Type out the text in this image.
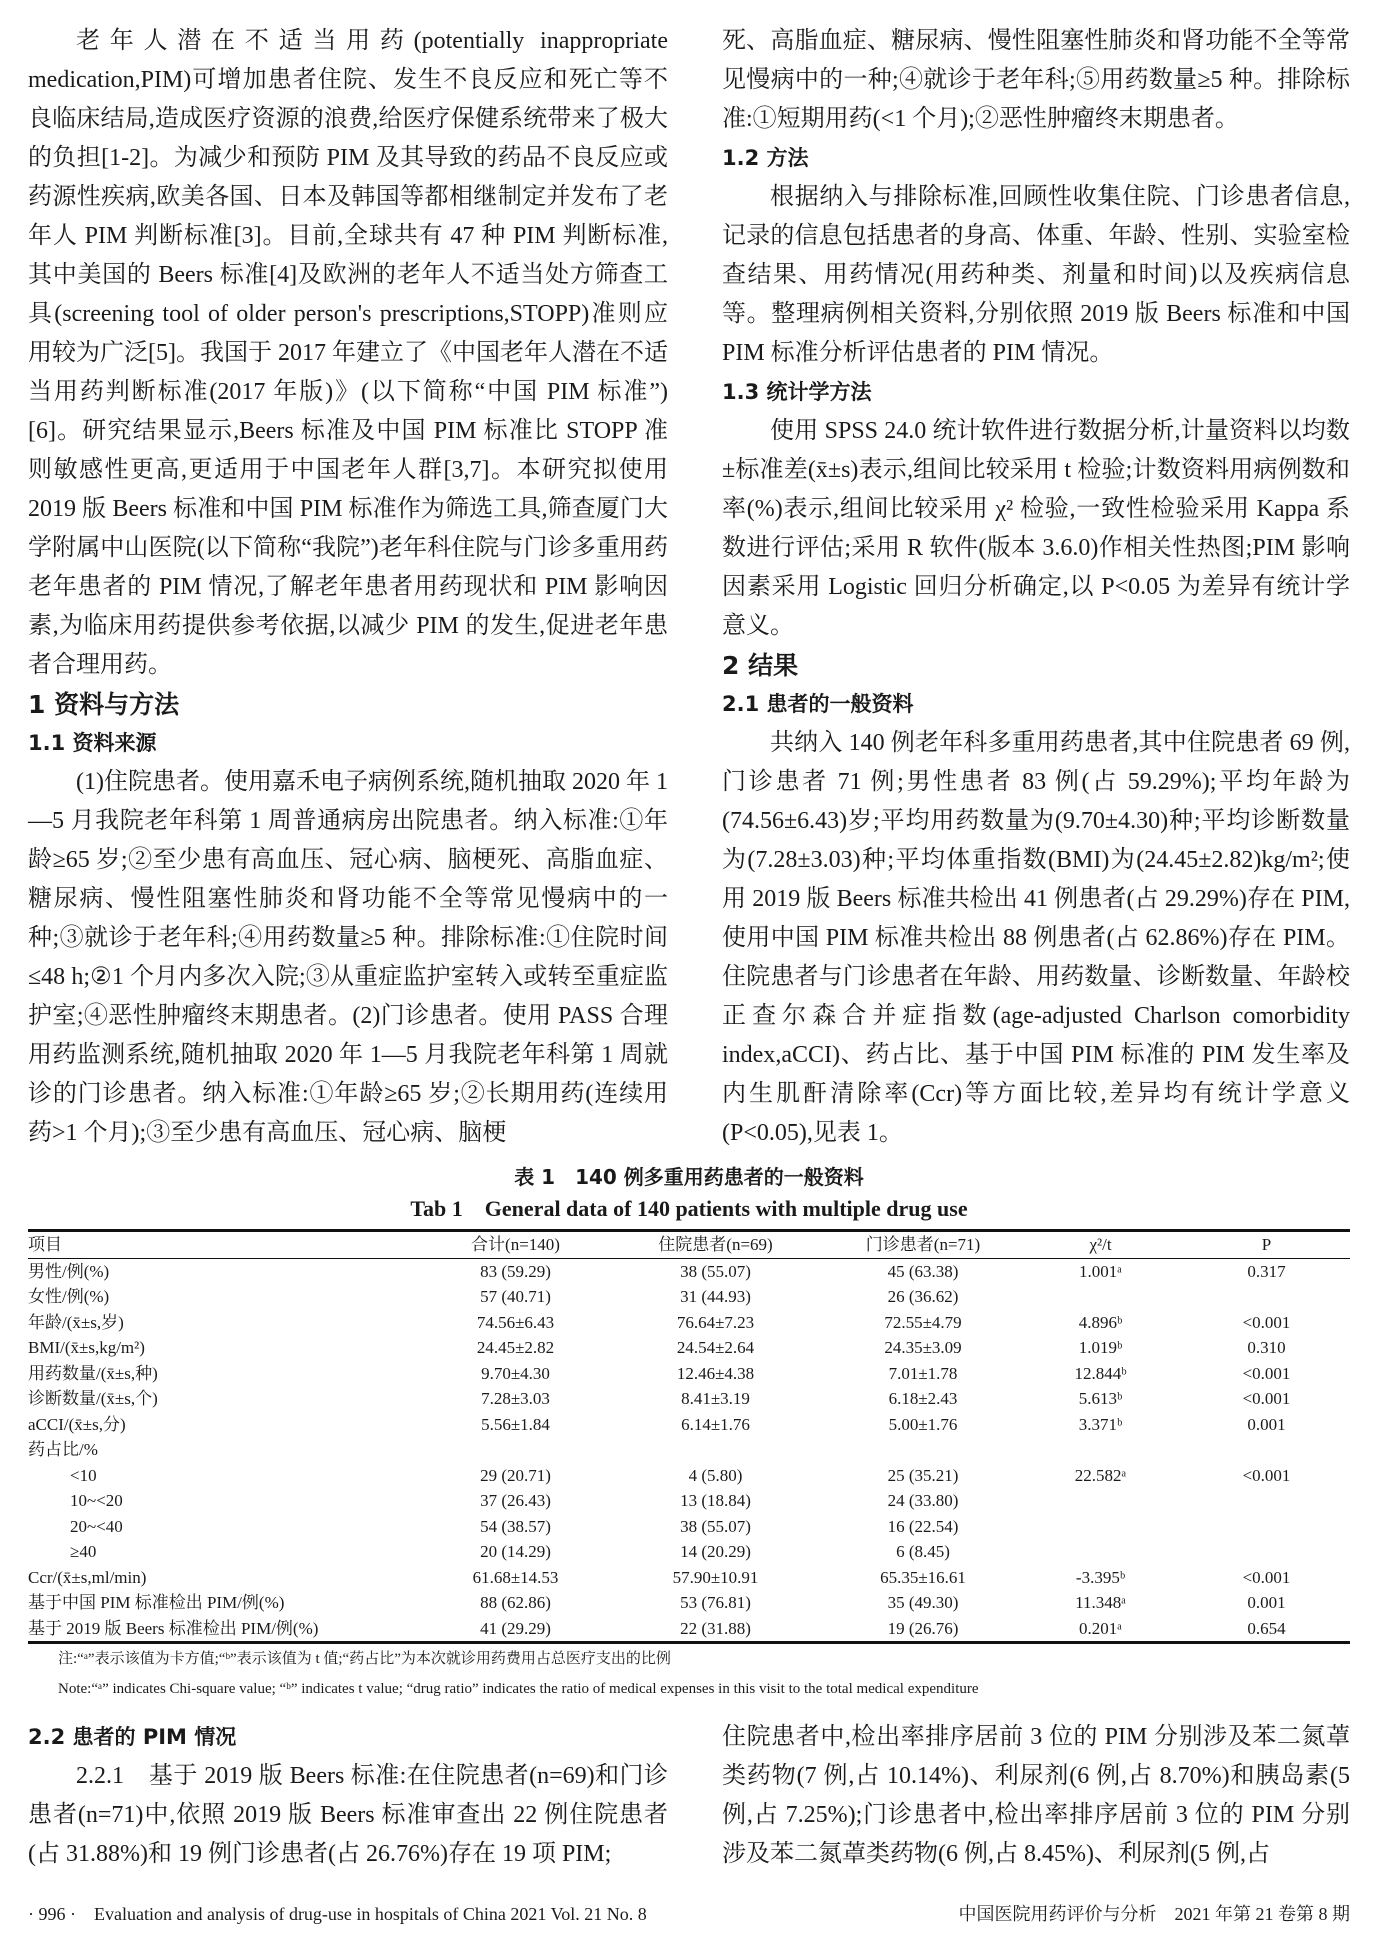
老年人潜在不适当用药(potentially inappropriate medication,PIM)可增加患者住院、发生不良反应和死亡等不良临床结局,造成医疗资源的浪费,给医疗保健系统带来了极大的负担[1-2]。为减少和预防 PIM 及其导致的药品不良反应或药源性疾病,欧美各国、日本及韩国等都相继制定并发布了老年人 PIM 判断标准[3]。目前,全球共有 47 种 PIM 判断标准,其中美国的 Beers 标准[4]及欧洲的老年人不适当处方筛查工具(screening tool of older person's prescriptions,STOPP)准则应用较为广泛[5]。我国于 2017 年建立了《中国老年人潜在不适当用药判断标准(2017 年版)》(以下简称“中国 PIM 标准”)[6]。研究结果显示,Beers 标准及中国 PIM 标准比 STOPP 准则敏感性更高,更适用于中国老年人群[3,7]。本研究拟使用 2019 版 Beers 标准和中国 PIM 标准作为筛选工具,筛查厦门大学附属中山医院(以下简称“我院”)老年科住院与门诊多重用药老年患者的 PIM 情况,了解老年患者用药现状和 PIM 影响因素,为临床用药提供参考依据,以减少 PIM 的发生,促进老年患者合理用药。

1 资料与方法
1.1 资料来源

(1)住院患者。使用嘉禾电子病例系统,随机抽取 2020 年 1—5 月我院老年科第 1 周普通病房出院患者。纳入标准:①年龄≥65 岁;②至少患有高血压、冠心病、脑梗死、高脂血症、糖尿病、慢性阻塞性肺炎和肾功能不全等常见慢病中的一种;③就诊于老年科;④用药数量≥5 种。排除标准:①住院时间≤48 h;②1 个月内多次入院;③从重症监护室转入或转至重症监护室;④恶性肿瘤终末期患者。(2)门诊患者。使用 PASS 合理用药监测系统,随机抽取 2020 年 1—5 月我院老年科第 1 周就诊的门诊患者。纳入标准:①年龄≥65 岁;②长期用药(连续用药>1 个月);③至少患有高血压、冠心病、脑梗

死、高脂血症、糖尿病、慢性阻塞性肺炎和肾功能不全等常见慢病中的一种;④就诊于老年科;⑤用药数量≥5 种。排除标准:①短期用药(<1 个月);②恶性肿瘤终末期患者。

1.2 方法

根据纳入与排除标准,回顾性收集住院、门诊患者信息,记录的信息包括患者的身高、体重、年龄、性别、实验室检查结果、用药情况(用药种类、剂量和时间)以及疾病信息等。整理病例相关资料,分别依照 2019 版 Beers 标准和中国 PIM 标准分析评估患者的 PIM 情况。

1.3 统计学方法

使用 SPSS 24.0 统计软件进行数据分析,计量资料以均数±标准差(x̄±s)表示,组间比较采用 t 检验;计数资料用病例数和率(%)表示,组间比较采用 χ² 检验,一致性检验采用 Kappa 系数进行评估;采用 R 软件(版本 3.6.0)作相关性热图;PIM 影响因素采用 Logistic 回归分析确定,以 P<0.05 为差异有统计学意义。

2 结果
2.1 患者的一般资料

共纳入 140 例老年科多重用药患者,其中住院患者 69 例,门诊患者 71 例;男性患者 83 例(占 59.29%);平均年龄为(74.56±6.43)岁;平均用药数量为(9.70±4.30)种;平均诊断数量为(7.28±3.03)种;平均体重指数(BMI)为(24.45±2.82)kg/m²;使用 2019 版 Beers 标准共检出 41 例患者(占 29.29%)存在 PIM,使用中国 PIM 标准共检出 88 例患者(占 62.86%)存在 PIM。住院患者与门诊患者在年龄、用药数量、诊断数量、年龄校正查尔森合并症指数(age-adjusted Charlson comorbidity index,aCCI)、药占比、基于中国 PIM 标准的 PIM 发生率及内生肌酐清除率(Ccr)等方面比较,差异均有统计学意义(P<0.05),见表 1。

表 1　140 例多重用药患者的一般资料
Tab 1　General data of 140 patients with multiple drug use
项目	合计(n=140)	住院患者(n=69)	门诊患者(n=71)	χ²/t	P
男性/例(%)	83 (59.29)	38 (55.07)	45 (63.38)	1.001ᵃ	0.317
女性/例(%)	57 (40.71)	31 (44.93)	26 (36.62)		
年龄/(x̄±s,岁)	74.56±6.43	76.64±7.23	72.55±4.79	4.896ᵇ	<0.001
BMI/(x̄±s,kg/m²)	24.45±2.82	24.54±2.64	24.35±3.09	1.019ᵇ	0.310
用药数量/(x̄±s,种)	9.70±4.30	12.46±4.38	7.01±1.78	12.844ᵇ	<0.001
诊断数量/(x̄±s,个)	7.28±3.03	8.41±3.19	6.18±2.43	5.613ᵇ	<0.001
aCCI/(x̄±s,分)	5.56±1.84	6.14±1.76	5.00±1.76	3.371ᵇ	0.001
药占比/%					
<10	29 (20.71)	4 (5.80)	25 (35.21)	22.582ᵃ	<0.001
10~<20	37 (26.43)	13 (18.84)	24 (33.80)		
20~<40	54 (38.57)	38 (55.07)	16 (22.54)		
≥40	20 (14.29)	14 (20.29)	6 (8.45)		
Ccr/(x̄±s,ml/min)	61.68±14.53	57.90±10.91	65.35±16.61	-3.395ᵇ	<0.001
基于中国 PIM 标准检出 PIM/例(%)	88 (62.86)	53 (76.81)	35 (49.30)	11.348ᵃ	0.001
基于 2019 版 Beers 标准检出 PIM/例(%)	41 (29.29)	22 (31.88)	19 (26.76)	0.201ᵃ	0.654
注:“ᵃ”表示该值为卡方值;“ᵇ”表示该值为 t 值;“药占比”为本次就诊用药费用占总医疗支出的比例
Note:“ᵃ” indicates Chi-square value; “ᵇ” indicates t value; “drug ratio” indicates the ratio of medical expenses in this visit to the total medical expenditure
2.2 患者的 PIM 情况

2.2.1　基于 2019 版 Beers 标准:在住院患者(n=69)和门诊患者(n=71)中,依照 2019 版 Beers 标准审查出 22 例住院患者(占 31.88%)和 19 例门诊患者(占 26.76%)存在 19 项 PIM;

住院患者中,检出率排序居前 3 位的 PIM 分别涉及苯二氮䓬类药物(7 例,占 10.14%)、利尿剂(6 例,占 8.70%)和胰岛素(5 例,占 7.25%);门诊患者中,检出率排序居前 3 位的 PIM 分别涉及苯二氮䓬类药物(6 例,占 8.45%)、利尿剂(5 例,占

· 996 ·　Evaluation and analysis of drug-use in hospitals of China 2021 Vol. 21 No. 8	中国医院用药评价与分析　2021 年第 21 卷第 8 期
